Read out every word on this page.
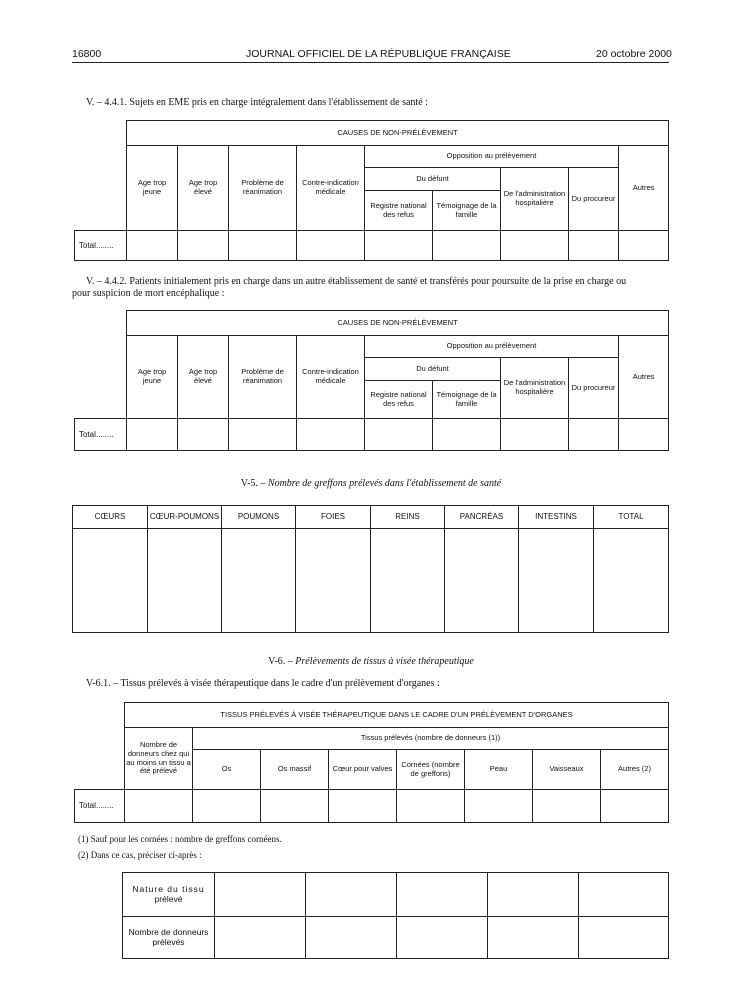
16800	JOURNAL OFFICIEL DE LA RÉPUBLIQUE FRANÇAISE	20 octobre 2000
V. – 4.4.1. Sujets en EME pris en charge intégralement dans l'établissement de santé :
	CAUSES DE NON-PRÉLÈVEMENT								
	Age trop jeune	Age trop élevé	Problème de réanimation	Contre-indication médicale	Opposition au prélèvement				Autres
					Du défunt		De l'administration hospitalière	Du procureur	
					Registre national des refus	Témoignage de la famille			
Total........									
V. – 4.4.2. Patients initialement pris en charge dans un autre établissement de santé et transférés pour poursuite de la prise en charge ou
pour suspicion de mort encéphalique :
	CAUSES DE NON-PRÉLÈVEMENT								
	Age trop jeune	Age trop élevé	Problème de réanimation	Contre-indication médicale	Opposition au prélèvement				Autres
					Du défunt		De l'administration hospitalière	Du procureur	
					Registre national des refus	Témoignage de la famille			
Total........									
V-5. – Nombre de greffons prélevés dans l'établissement de santé
CŒURS	CŒUR-POUMONS	POUMONS	FOIES	REINS	PANCRÉAS	INTESTINS	TOTAL

V-6. – Prélèvements de tissus à visée thérapeutique
V-6.1. – Tissus prélevés à visée thérapeutique dans le cadre d'un prélèvement d'organes :
	TISSUS PRÉLEVÉS À VISÉE THÉRAPEUTIQUE DANS LE CADRE D'UN PRÉLÈVEMENT D'ORGANES							
	Nombre de donneurs chez qui au moins un tissu a été prélevé	Tissus prélevés (nombre de donneurs (1))						
		Os	Os massif	Cœur pour valves	Cornées (nombre de greffons)	Peau	Vaisseaux	Autres (2)
Total........								
(1) Sauf pour les cornées : nombre de greffons cornéens.
(2) Dans ce cas, préciser ci-après :
Nature du tissu
prélevé					

Nombre de donneurs
prélevés					
